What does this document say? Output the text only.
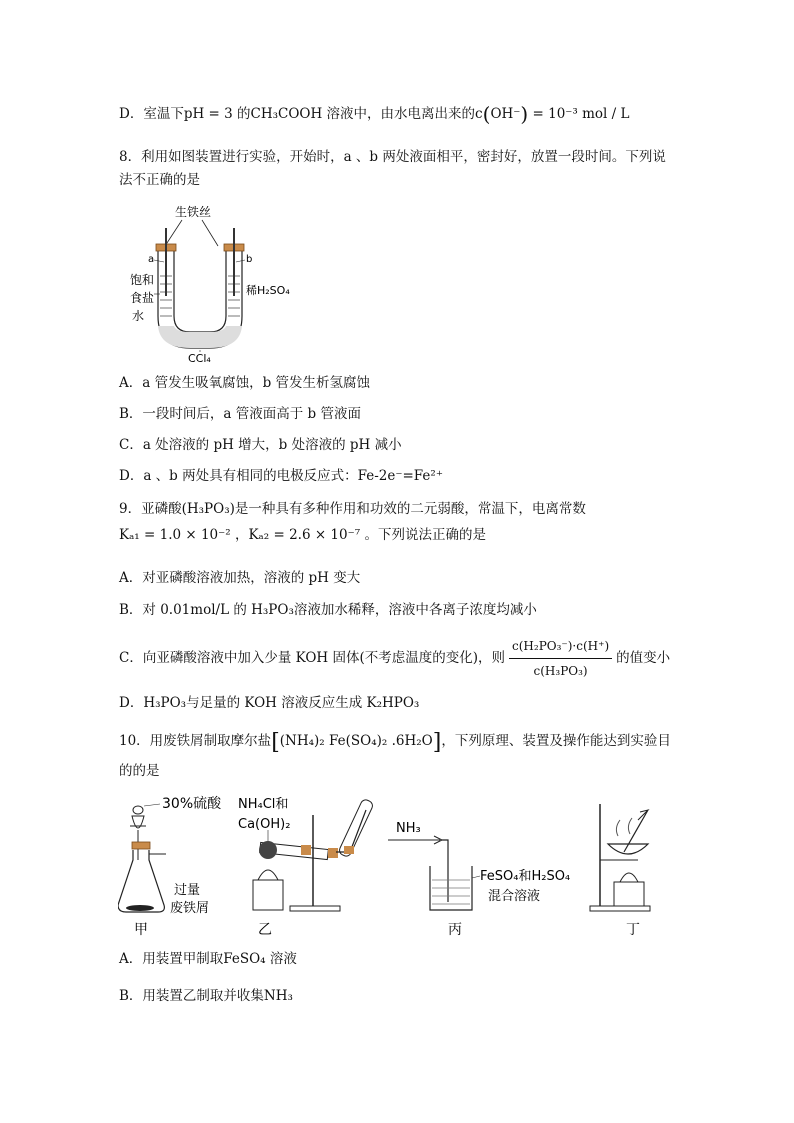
D．室温下pH = 3 的CH₃COOH 溶液中，由水电离出来的c(OH⁻) = 10⁻³ mol / L
8．利用如图装置进行实验，开始时，a 、b 两处液面相平，密封好，放置一段时间。下列说
法不正确的是
生铁丝
a	b
饱和
食盐
水
稀H₂SO₄
CCl₄
A．a 管发生吸氧腐蚀，b 管发生析氢腐蚀
B．一段时间后，a 管液面高于 b 管液面
C．a 处溶液的 pH 增大，b 处溶液的 pH 减小
D．a 、b 两处具有相同的电极反应式：Fe-2e⁻=Fe²⁺
9．亚磷酸(H₃PO₃)是一种具有多种作用和功效的二元弱酸，常温下，电离常数
Kₐ₁ = 1.0 × 10⁻² ，Kₐ₂ = 2.6 × 10⁻⁷ 。下列说法正确的是
A．对亚磷酸溶液加热，溶液的 pH 变大
B．对 0.01mol/L 的 H₃PO₃溶液加水稀释，溶液中各离子浓度均减小
C．向亚磷酸溶液中加入少量 KOH 固体(不考虑温度的变化)，则 $\frac{\text{c(H₂PO₃⁻)·c(H⁺)}}{\text{c(H₃PO₃)}}$ 的值变小
D．H₃PO₃与足量的 KOH 溶液反应生成 K₂HPO₃
10．用废铁屑制取摩尔盐[(NH₄)₂ Fe(SO₄)₂ .6H₂O]，下列原理、装置及操作能达到实验目
的的是
30%硫酸
过量
废铁屑
甲
NH₄Cl和
Ca(OH)₂
乙
NH₃
FeSO₄和H₂SO₄
混合溶液
丙	丁
A．用装置甲制取FeSO₄ 溶液
B．用装置乙制取并收集NH₃
